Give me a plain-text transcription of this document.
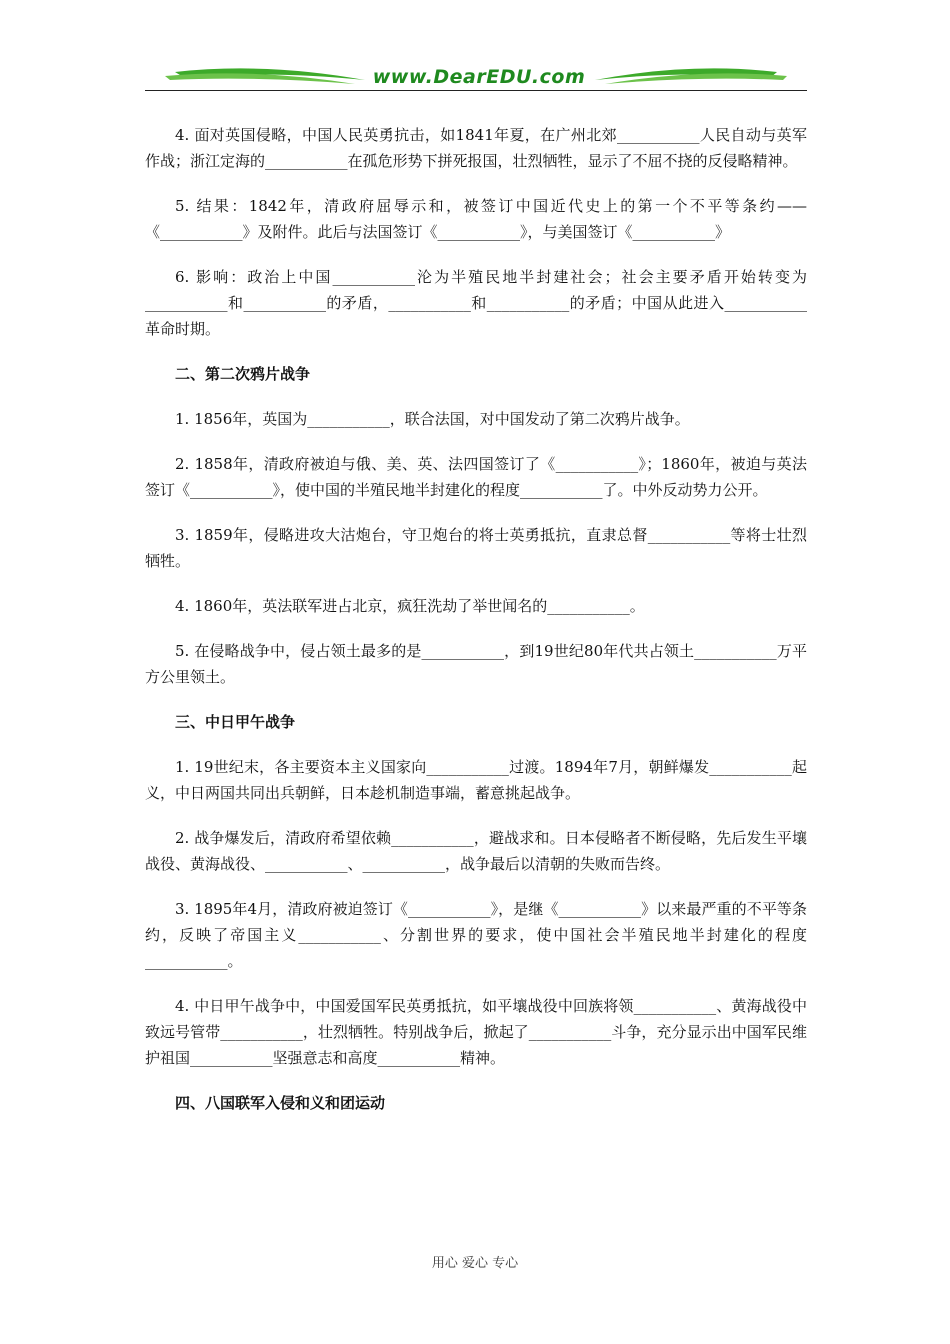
www.DearEDU.com

4. 面对英国侵略，中国人民英勇抗击，如1841年夏，在广州北郊___________人民自动与英军作战；浙江定海的___________在孤危形势下拼死报国，壮烈牺牲，显示了不屈不挠的反侵略精神。

5. 结果：1842年，清政府屈辱示和，被签订中国近代史上的第一个不平等条约——《___________》及附件。此后与法国签订《___________》，与美国签订《___________》

6. 影响：政治上中国___________沦为半殖民地半封建社会；社会主要矛盾开始转变为___________和___________的矛盾，___________和___________的矛盾；中国从此进入___________革命时期。

二、第二次鸦片战争

1. 1856年，英国为___________，联合法国，对中国发动了第二次鸦片战争。

2. 1858年，清政府被迫与俄、美、英、法四国签订了《___________》；1860年，被迫与英法签订《___________》，使中国的半殖民地半封建化的程度___________了。中外反动势力公开。

3. 1859年，侵略进攻大沽炮台，守卫炮台的将士英勇抵抗，直隶总督___________等将士壮烈牺牲。

4. 1860年，英法联军进占北京，疯狂洗劫了举世闻名的___________。

5. 在侵略战争中，侵占领土最多的是___________，到19世纪80年代共占领土___________万平方公里领土。

三、中日甲午战争

1. 19世纪末，各主要资本主义国家向___________过渡。1894年7月，朝鲜爆发___________起义，中日两国共同出兵朝鲜，日本趁机制造事端，蓄意挑起战争。

2. 战争爆发后，清政府希望依赖___________，避战求和。日本侵略者不断侵略，先后发生平壤战役、黄海战役、___________、___________，战争最后以清朝的失败而告终。

3. 1895年4月，清政府被迫签订《___________》，是继《___________》以来最严重的不平等条约，反映了帝国主义___________、分割世界的要求，使中国社会半殖民地半封建化的程度___________。

4. 中日甲午战争中，中国爱国军民英勇抵抗，如平壤战役中回族将领___________、黄海战役中致远号管带___________，壮烈牺牲。特别战争后，掀起了___________斗争，充分显示出中国军民维护祖国___________坚强意志和高度___________精神。

四、八国联军入侵和义和团运动

用心 爱心 专心
